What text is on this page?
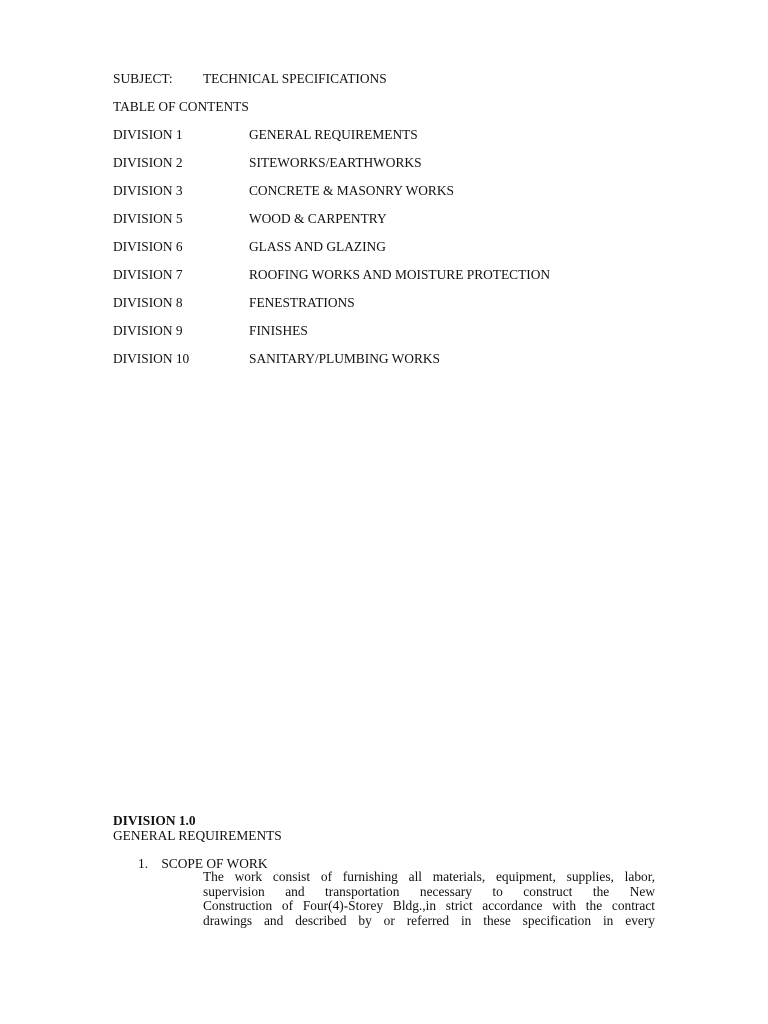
SUBJECT: TECHNICAL SPECIFICATIONS
TABLE OF CONTENTS
DIVISION 1	GENERAL REQUIREMENTS
DIVISION 2	SITEWORKS/EARTHWORKS
DIVISION 3	CONCRETE & MASONRY WORKS
DIVISION 5	WOOD & CARPENTRY
DIVISION 6	GLASS AND GLAZING
DIVISION 7	ROOFING WORKS AND MOISTURE PROTECTION
DIVISION 8	FENESTRATIONS
DIVISION 9	FINISHES
DIVISION 10	SANITARY/PLUMBING WORKS
DIVISION 1.0
GENERAL REQUIREMENTS
1. SCOPE OF WORK
The work consist of furnishing all materials, equipment, supplies, labor,
supervision and transportation necessary to construct the New
Construction of Four(4)-Storey Bldg.,in strict accordance with the contract
drawings and described by or referred in these specification in every
